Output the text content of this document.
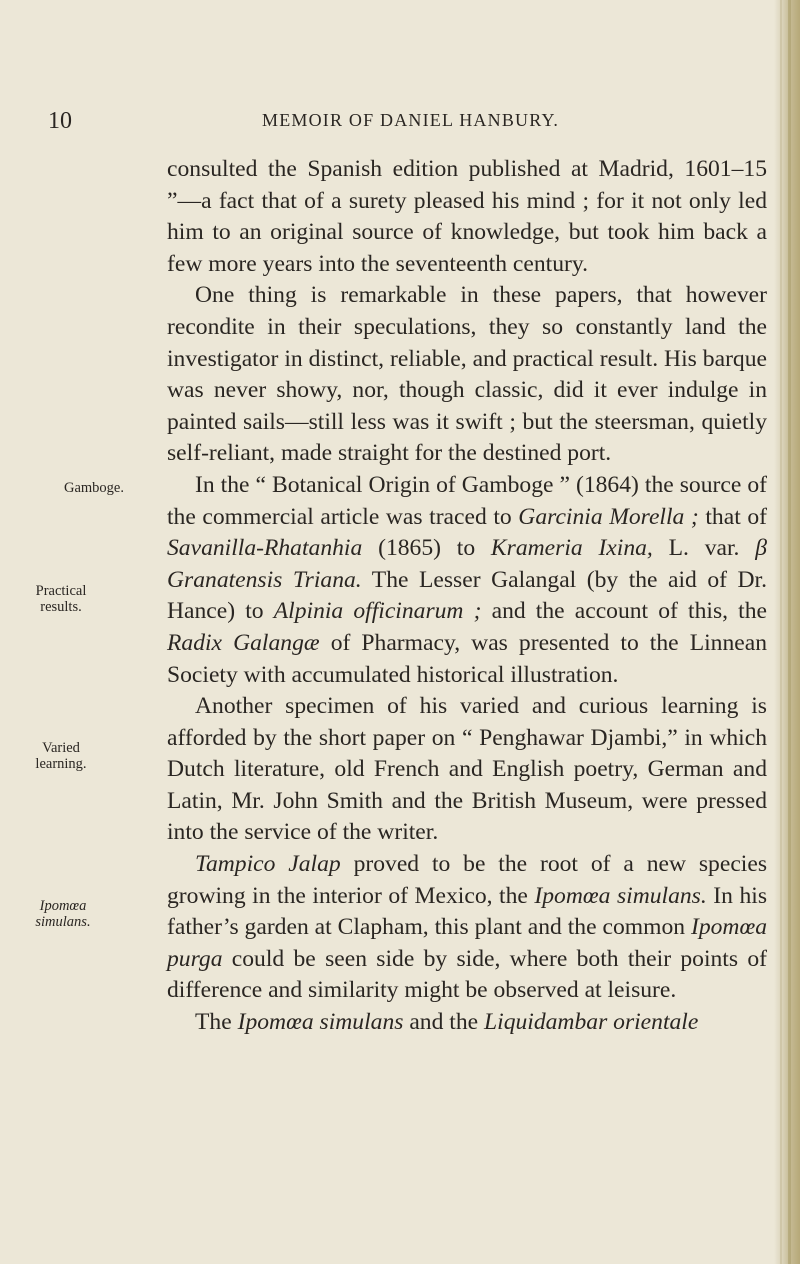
10	MEMOIR OF DANIEL HANBURY.
Gamboge.
Practical
results.
Varied
learning.
Ipomœa
simulans.

consulted the Spanish edition published at Madrid, 1601–15 ”—a fact that of a surety pleased his mind ; for it not only led him to an original source of knowledge, but took him back a few more years into the seventeenth century.

One thing is remarkable in these papers, that however recondite in their speculations, they so constantly land the investigator in distinct, reliable, and practical result. His barque was never showy, nor, though classic, did it ever indulge in painted sails—still less was it swift ; but the steersman, quietly self-reliant, made straight for the destined port.

In the “ Botanical Origin of Gamboge ” (1864) the source of the commercial article was traced to Garcinia Morella ; that of Savanilla-Rhatanhia (1865) to Krameria Ixina, L. var. β Granatensis Triana. The Lesser Galangal (by the aid of Dr. Hance) to Alpinia officinarum ; and the account of this, the Radix Galangæ of Pharmacy, was presented to the Linnean Society with accumulated historical illustration.

Another specimen of his varied and curious learning is afforded by the short paper on “ Penghawar Djambi,” in which Dutch literature, old French and English poetry, German and Latin, Mr. John Smith and the British Museum, were pressed into the service of the writer.

Tampico Jalap proved to be the root of a new species growing in the interior of Mexico, the Ipomœa simulans. In his father’s garden at Clapham, this plant and the common Ipomœa purga could be seen side by side, where both their points of difference and similarity might be observed at leisure.

The Ipomœa simulans and the Liquidambar orientale
